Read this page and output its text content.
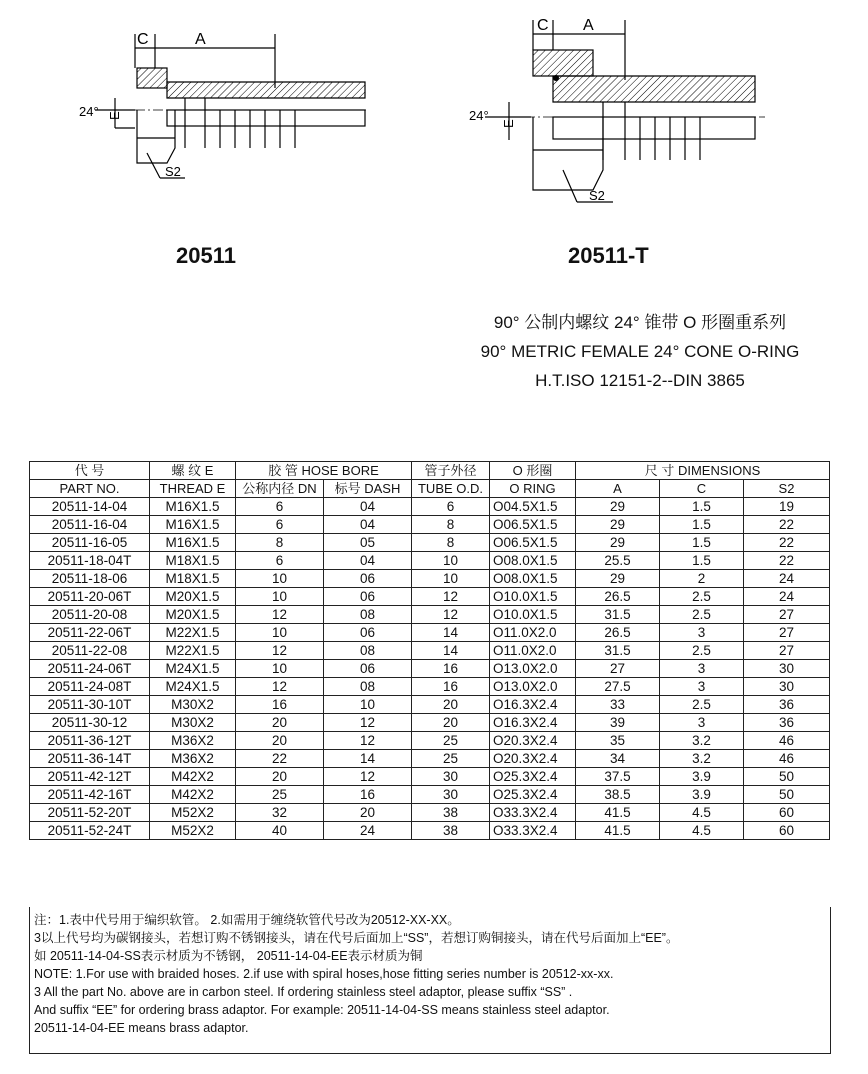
C	A
24° E
S2
20511
C A
24°
E
S2
20511-T
90° 公制内螺纹 24° 锥带 O 形圈重系列
90° METRIC FEMALE 24° CONE O-RING
H.T.ISO 12151-2--DIN 3865
代 号	螺 纹 E	胶 管 HOSE BORE		管子外径	O 形圈	尺 寸 DIMENSIONS		
PART NO.	THREAD E	公称内径 DN	标号 DASH	TUBE O.D.	O RING	A	C	S2
20511-14-04	M16X1.5	6	04	6	O04.5X1.5	29	1.5	19
20511-16-04	M16X1.5	6	04	8	O06.5X1.5	29	1.5	22
20511-16-05	M16X1.5	8	05	8	O06.5X1.5	29	1.5	22
20511-18-04T	M18X1.5	6	04	10	O08.0X1.5	25.5	1.5	22
20511-18-06	M18X1.5	10	06	10	O08.0X1.5	29	2	24
20511-20-06T	M20X1.5	10	06	12	O10.0X1.5	26.5	2.5	24
20511-20-08	M20X1.5	12	08	12	O10.0X1.5	31.5	2.5	27
20511-22-06T	M22X1.5	10	06	14	O11.0X2.0	26.5	3	27
20511-22-08	M22X1.5	12	08	14	O11.0X2.0	31.5	2.5	27
20511-24-06T	M24X1.5	10	06	16	O13.0X2.0	27	3	30
20511-24-08T	M24X1.5	12	08	16	O13.0X2.0	27.5	3	30
20511-30-10T	M30X2	16	10	20	O16.3X2.4	33	2.5	36
20511-30-12	M30X2	20	12	20	O16.3X2.4	39	3	36
20511-36-12T	M36X2	20	12	25	O20.3X2.4	35	3.2	46
20511-36-14T	M36X2	22	14	25	O20.3X2.4	34	3.2	46
20511-42-12T	M42X2	20	12	30	O25.3X2.4	37.5	3.9	50
20511-42-16T	M42X2	25	16	30	O25.3X2.4	38.5	3.9	50
20511-52-20T	M52X2	32	20	38	O33.3X2.4	41.5	4.5	60
20511-52-24T	M52X2	40	24	38	O33.3X2.4	41.5	4.5	60
注：1.表中代号用于编织软管。 2.如需用于缠绕软管代号改为20512-XX-XX。
3以上代号均为碳钢接头，若想订购不锈钢接头，请在代号后面加上“SS”，若想订购铜接头，请在代号后面加上“EE”。
如 20511-14-04-SS表示材质为不锈钢， 20511-14-04-EE表示材质为铜
NOTE: 1.For use with braided hoses. 2.if use with spiral hoses,hose fitting series number is 20512-xx-xx.
3 All the part No. above are in carbon steel. If ordering stainless steel adaptor, please suffix “SS” .
And suffix “EE” for ordering brass adaptor. For example: 20511-14-04-SS means stainless steel adaptor.
20511-14-04-EE means brass adaptor.
